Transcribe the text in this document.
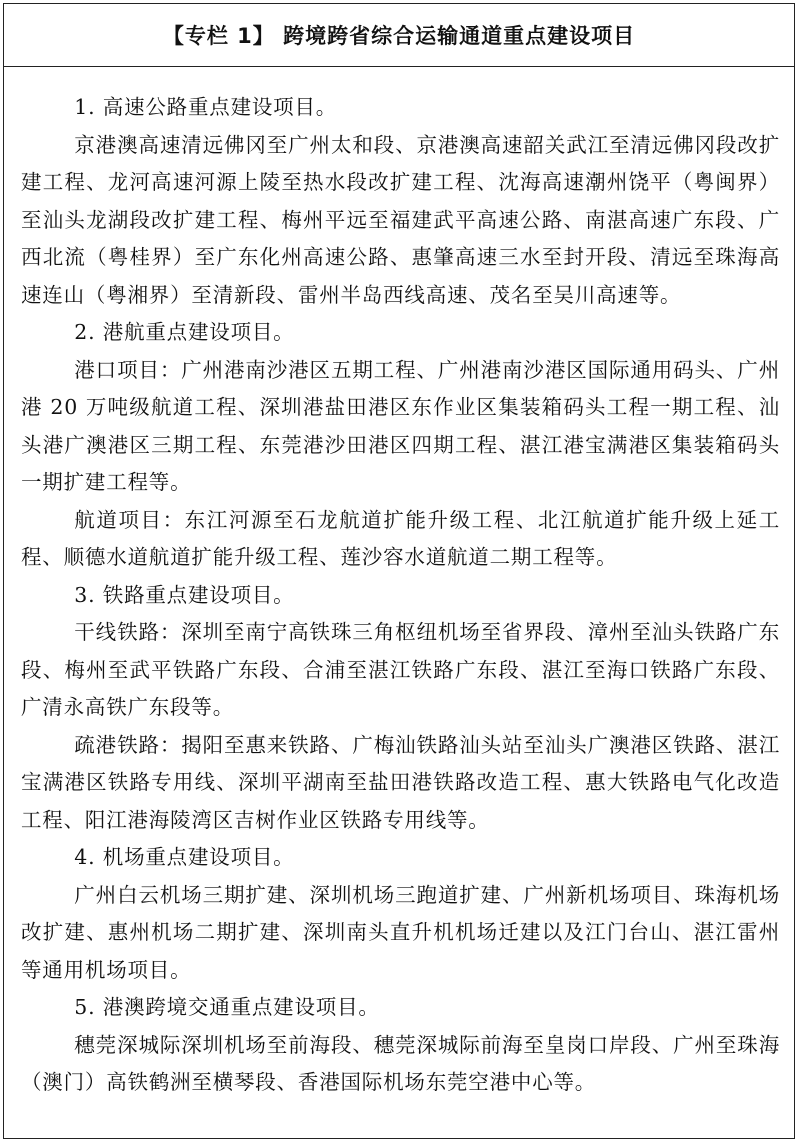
【专栏 1】 跨境跨省综合运输通道重点建设项目

1. 高速公路重点建设项目。

京港澳高速清远佛冈至广州太和段、京港澳高速韶关武江至清远佛冈段改扩建工程、龙河高速河源上陵至热水段改扩建工程、沈海高速潮州饶平（粤闽界）至汕头龙湖段改扩建工程、梅州平远至福建武平高速公路、南湛高速广东段、广西北流（粤桂界）至广东化州高速公路、惠肇高速三水至封开段、清远至珠海高速连山（粤湘界）至清新段、雷州半岛西线高速、茂名至吴川高速等。

2. 港航重点建设项目。

港口项目：广州港南沙港区五期工程、广州港南沙港区国际通用码头、广州港 20 万吨级航道工程、深圳港盐田港区东作业区集装箱码头工程一期工程、汕头港广澳港区三期工程、东莞港沙田港区四期工程、湛江港宝满港区集装箱码头一期扩建工程等。

航道项目：东江河源至石龙航道扩能升级工程、北江航道扩能升级上延工程、顺德水道航道扩能升级工程、莲沙容水道航道二期工程等。

3. 铁路重点建设项目。

干线铁路：深圳至南宁高铁珠三角枢纽机场至省界段、漳州至汕头铁路广东段、梅州至武平铁路广东段、合浦至湛江铁路广东段、湛江至海口铁路广东段、广清永高铁广东段等。

疏港铁路：揭阳至惠来铁路、广梅汕铁路汕头站至汕头广澳港区铁路、湛江宝满港区铁路专用线、深圳平湖南至盐田港铁路改造工程、惠大铁路电气化改造工程、阳江港海陵湾区吉树作业区铁路专用线等。

4. 机场重点建设项目。

广州白云机场三期扩建、深圳机场三跑道扩建、广州新机场项目、珠海机场改扩建、惠州机场二期扩建、深圳南头直升机机场迁建以及江门台山、湛江雷州等通用机场项目。

5. 港澳跨境交通重点建设项目。

穗莞深城际深圳机场至前海段、穗莞深城际前海至皇岗口岸段、广州至珠海（澳门）高铁鹤洲至横琴段、香港国际机场东莞空港中心等。
